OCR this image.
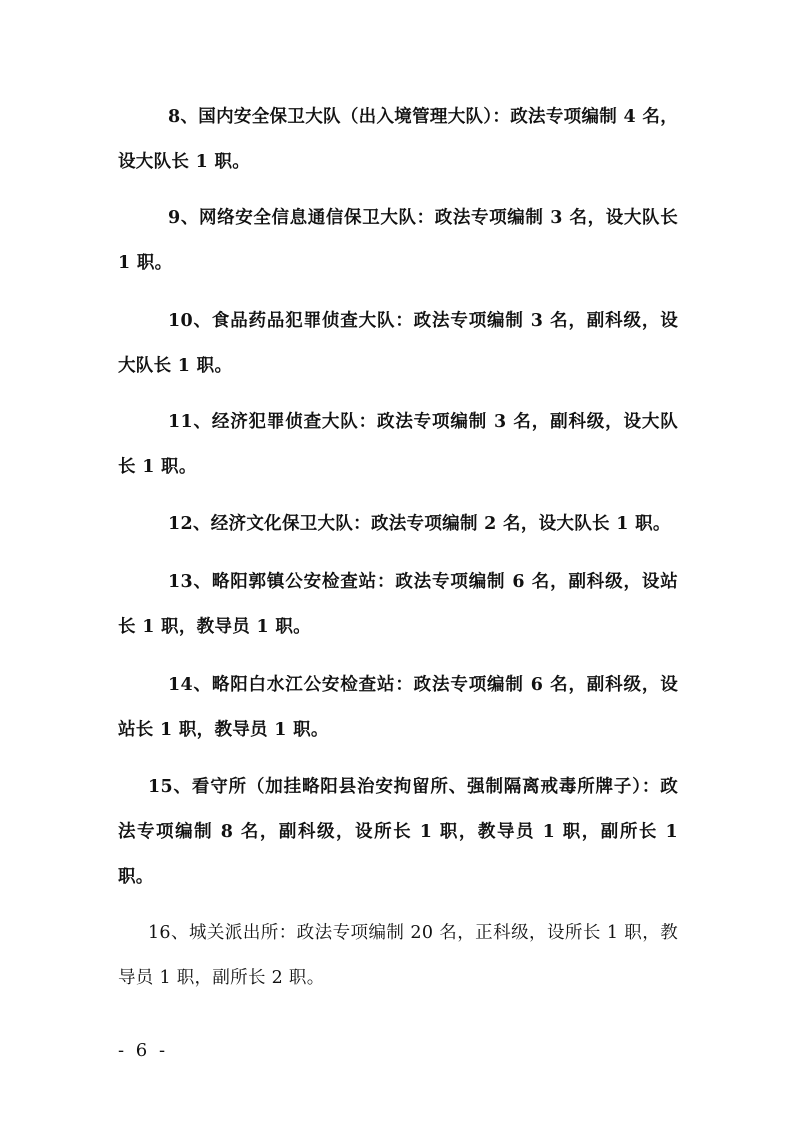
8、国内安全保卫大队（出入境管理大队）：政法专项编制 4 名，设大队长 1 职。

9、网络安全信息通信保卫大队：政法专项编制 3 名，设大队长 1 职。

10、食品药品犯罪侦查大队：政法专项编制 3 名，副科级，设大队长 1 职。

11、经济犯罪侦查大队：政法专项编制 3 名，副科级，设大队长 1 职。

12、经济文化保卫大队：政法专项编制 2 名，设大队长 1 职。

13、略阳郭镇公安检查站：政法专项编制 6 名，副科级，设站长 1 职，教导员 1 职。

14、略阳白水江公安检查站：政法专项编制 6 名，副科级，设站长 1 职，教导员 1 职。

15、看守所（加挂略阳县治安拘留所、强制隔离戒毒所牌子）：政法专项编制 8 名，副科级，设所长 1 职，教导员 1 职，副所长 1 职。

16、城关派出所：政法专项编制 20 名，正科级，设所长 1 职，教导员 1 职，副所长 2 职。

- 6 -
